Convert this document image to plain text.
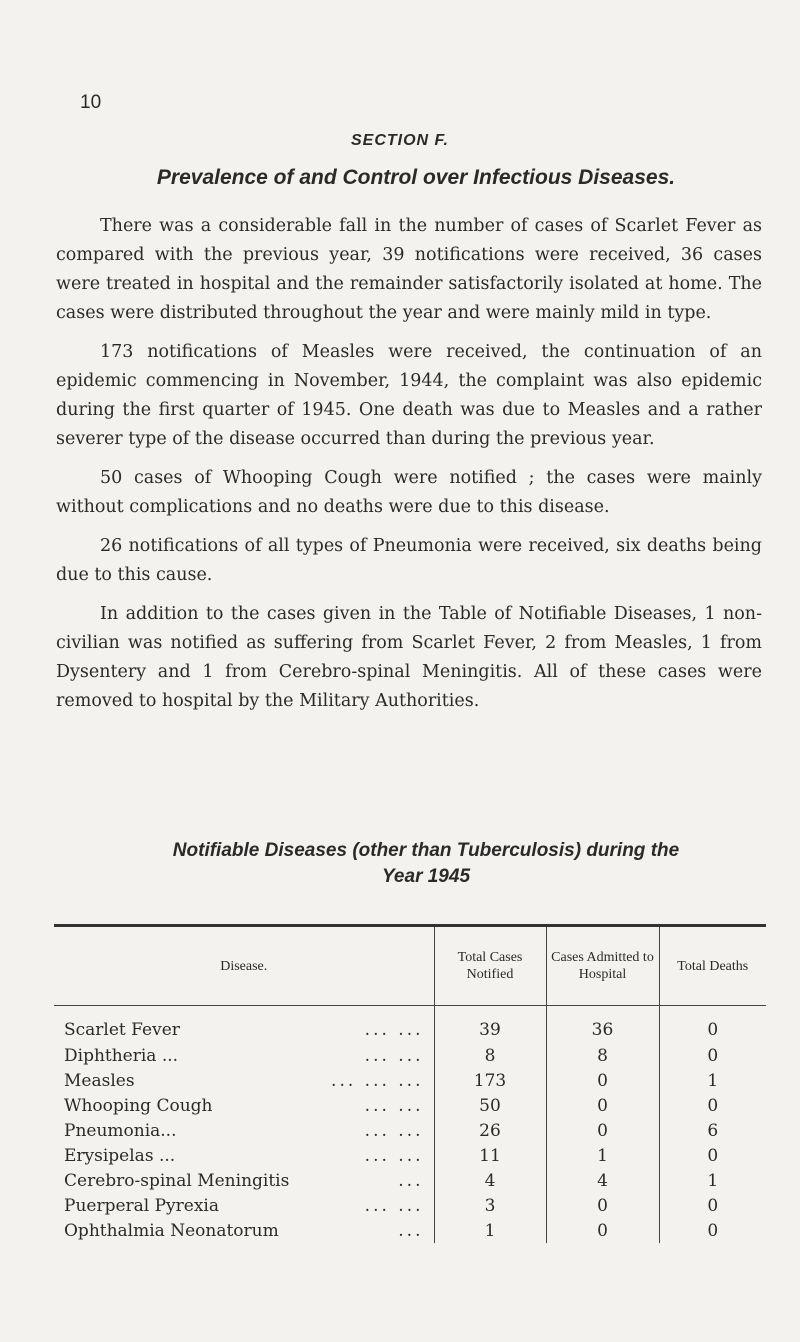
10
SECTION F.
Prevalence of and Control over Infectious Diseases.

There was a considerable fall in the number of cases of Scarlet Fever as compared with the previous year, 39 notifications were received, 36 cases were treated in hospital and the remainder satisfactorily isolated at home. The cases were distributed throughout the year and were mainly mild in type.

173 notifications of Measles were received, the continuation of an epidemic commencing in November, 1944, the complaint was also epidemic during the first quarter of 1945. One death was due to Measles and a rather severer type of the disease occurred than during the previous year.

50 cases of Whooping Cough were notified ; the cases were mainly without complications and no deaths were due to this disease.

26 notifications of all types of Pneumonia were received, six deaths being due to this cause.

In addition to the cases given in the Table of Notifiable Diseases, 1 non-civilian was notified as suffering from Scarlet Fever, 2 from Measles, 1 from Dysentery and 1 from Cerebro-spinal Meningitis. All of these cases were removed to hospital by the Military Authorities.

Notifiable Diseases (other than Tuberculosis) during the
Year 1945
Disease.	Total Cases Notified	Cases Admitted to Hospital	Total Deaths
Scarlet Fever ... ...	39	36	0
Diphtheria ... ... ...	8	8	0
Measles ... ... ...	173	0	1
Whooping Cough ... ...	50	0	0
Pneumonia... ... ...	26	0	6
Erysipelas ... ... ...	11	1	0
Cerebro-spinal Meningitis ...	4	4	1
Puerperal Pyrexia ... ...	3	0	0
Ophthalmia Neonatorum ...	1	0	0
